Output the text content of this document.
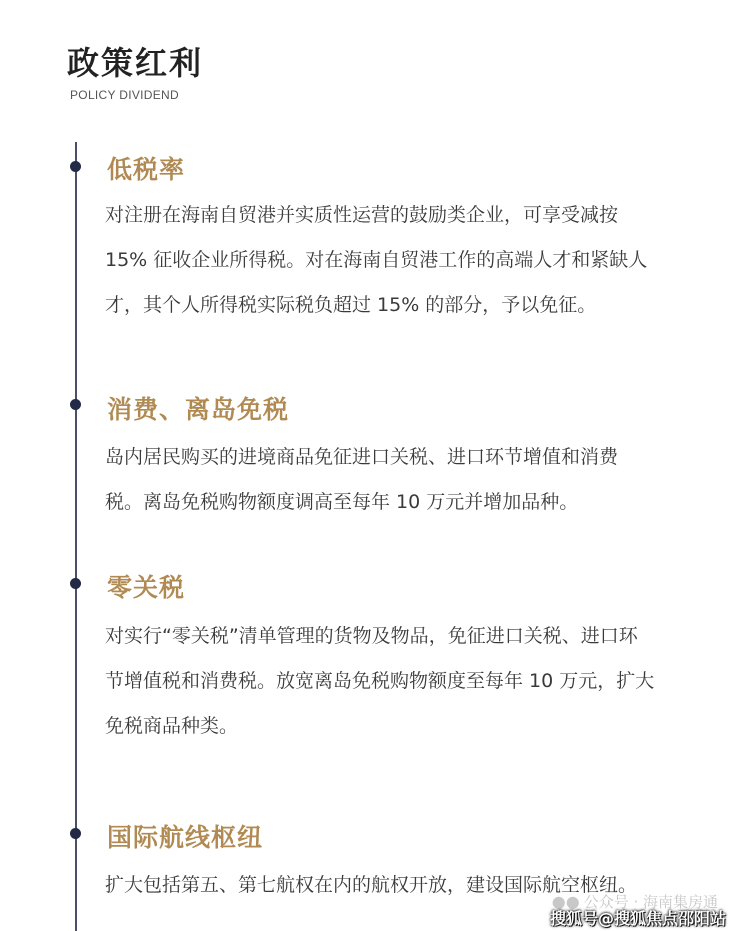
政策红利
POLICY DIVIDEND
低税率

对注册在海南自贸港并实质性运营的鼓励类企业，可享受减按
15% 征收企业所得税。对在海南自贸港工作的高端人才和紧缺人
才，其个人所得税实际税负超过 15% 的部分，予以免征。

消费、离岛免税

岛内居民购买的进境商品免征进口关税、进口环节增值和消费
税。离岛免税购物额度调高至每年 10 万元并增加品种。

零关税

对实行“零关税”清单管理的货物及物品，免征进口关税、进口环
节增值税和消费税。放宽离岛免税购物额度至每年 10 万元，扩大
免税商品种类。

国际航线枢纽

扩大包括第五、第七航权在内的航权开放，建设国际航空枢纽。

●● 公众号 · 海南集房通
搜狐号@搜狐焦点邵阳站
